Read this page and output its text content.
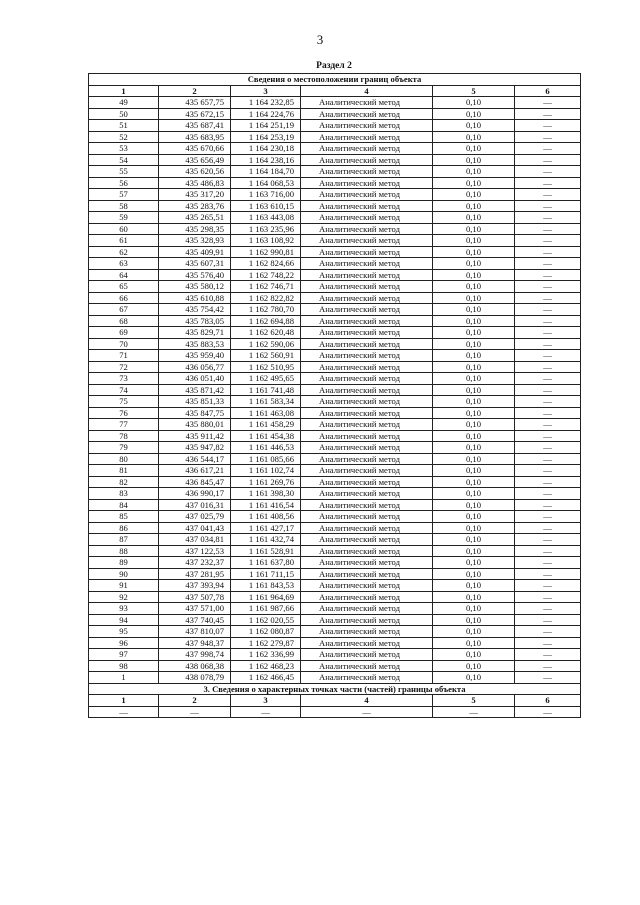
3
Раздел 2
Сведения о местоположении границ объекта					
1	2	3	4	5	6
49	435 657,75	1 164 232,85	Аналитический метод	0,10	—
50	435 672,15	1 164 224,76	Аналитический метод	0,10	—
51	435 687,41	1 164 251,19	Аналитический метод	0,10	—
52	435 683,95	1 164 253,19	Аналитический метод	0,10	—
53	435 670,66	1 164 230,18	Аналитический метод	0,10	—
54	435 656,49	1 164 238,16	Аналитический метод	0,10	—
55	435 620,56	1 164 184,70	Аналитический метод	0,10	—
56	435 486,83	1 164 068,53	Аналитический метод	0,10	—
57	435 317,20	1 163 716,00	Аналитический метод	0,10	—
58	435 283,76	1 163 610,15	Аналитический метод	0,10	—
59	435 265,51	1 163 443,08	Аналитический метод	0,10	—
60	435 298,35	1 163 235,96	Аналитический метод	0,10	—
61	435 328,93	1 163 108,92	Аналитический метод	0,10	—
62	435 409,91	1 162 990,81	Аналитический метод	0,10	—
63	435 607,31	1 162 824,66	Аналитический метод	0,10	—
64	435 576,40	1 162 748,22	Аналитический метод	0,10	—
65	435 580,12	1 162 746,71	Аналитический метод	0,10	—
66	435 610,88	1 162 822,82	Аналитический метод	0,10	—
67	435 754,42	1 162 780,70	Аналитический метод	0,10	—
68	435 783,05	1 162 694,88	Аналитический метод	0,10	—
69	435 829,71	1 162 620,48	Аналитический метод	0,10	—
70	435 883,53	1 162 590,06	Аналитический метод	0,10	—
71	435 959,40	1 162 560,91	Аналитический метод	0,10	—
72	436 056,77	1 162 510,95	Аналитический метод	0,10	—
73	436 051,40	1 162 495,65	Аналитический метод	0,10	—
74	435 871,42	1 161 741,48	Аналитический метод	0,10	—
75	435 851,33	1 161 583,34	Аналитический метод	0,10	—
76	435 847,75	1 161 463,08	Аналитический метод	0,10	—
77	435 880,01	1 161 458,29	Аналитический метод	0,10	—
78	435 911,42	1 161 454,38	Аналитический метод	0,10	—
79	435 947,82	1 161 446,53	Аналитический метод	0,10	—
80	436 544,17	1 161 085,66	Аналитический метод	0,10	—
81	436 617,21	1 161 102,74	Аналитический метод	0,10	—
82	436 845,47	1 161 269,76	Аналитический метод	0,10	—
83	436 990,17	1 161 398,30	Аналитический метод	0,10	—
84	437 016,31	1 161 416,54	Аналитический метод	0,10	—
85	437 025,79	1 161 408,56	Аналитический метод	0,10	—
86	437 041,43	1 161 427,17	Аналитический метод	0,10	—
87	437 034,81	1 161 432,74	Аналитический метод	0,10	—
88	437 122,53	1 161 528,91	Аналитический метод	0,10	—
89	437 232,37	1 161 637,80	Аналитический метод	0,10	—
90	437 281,95	1 161 711,15	Аналитический метод	0,10	—
91	437 393,94	1 161 843,53	Аналитический метод	0,10	—
92	437 507,78	1 161 964,69	Аналитический метод	0,10	—
93	437 571,00	1 161 987,66	Аналитический метод	0,10	—
94	437 740,45	1 162 020,55	Аналитический метод	0,10	—
95	437 810,07	1 162 080,87	Аналитический метод	0,10	—
96	437 948,37	1 162 279,87	Аналитический метод	0,10	—
97	437 998,74	1 162 336,99	Аналитический метод	0,10	—
98	438 068,38	1 162 468,23	Аналитический метод	0,10	—
1	438 078,79	1 162 466,45	Аналитический метод	0,10	—
3. Сведения о характерных точках части (частей) границы объекта					
1	2	3	4	5	6
—	—	—	—	—	—
